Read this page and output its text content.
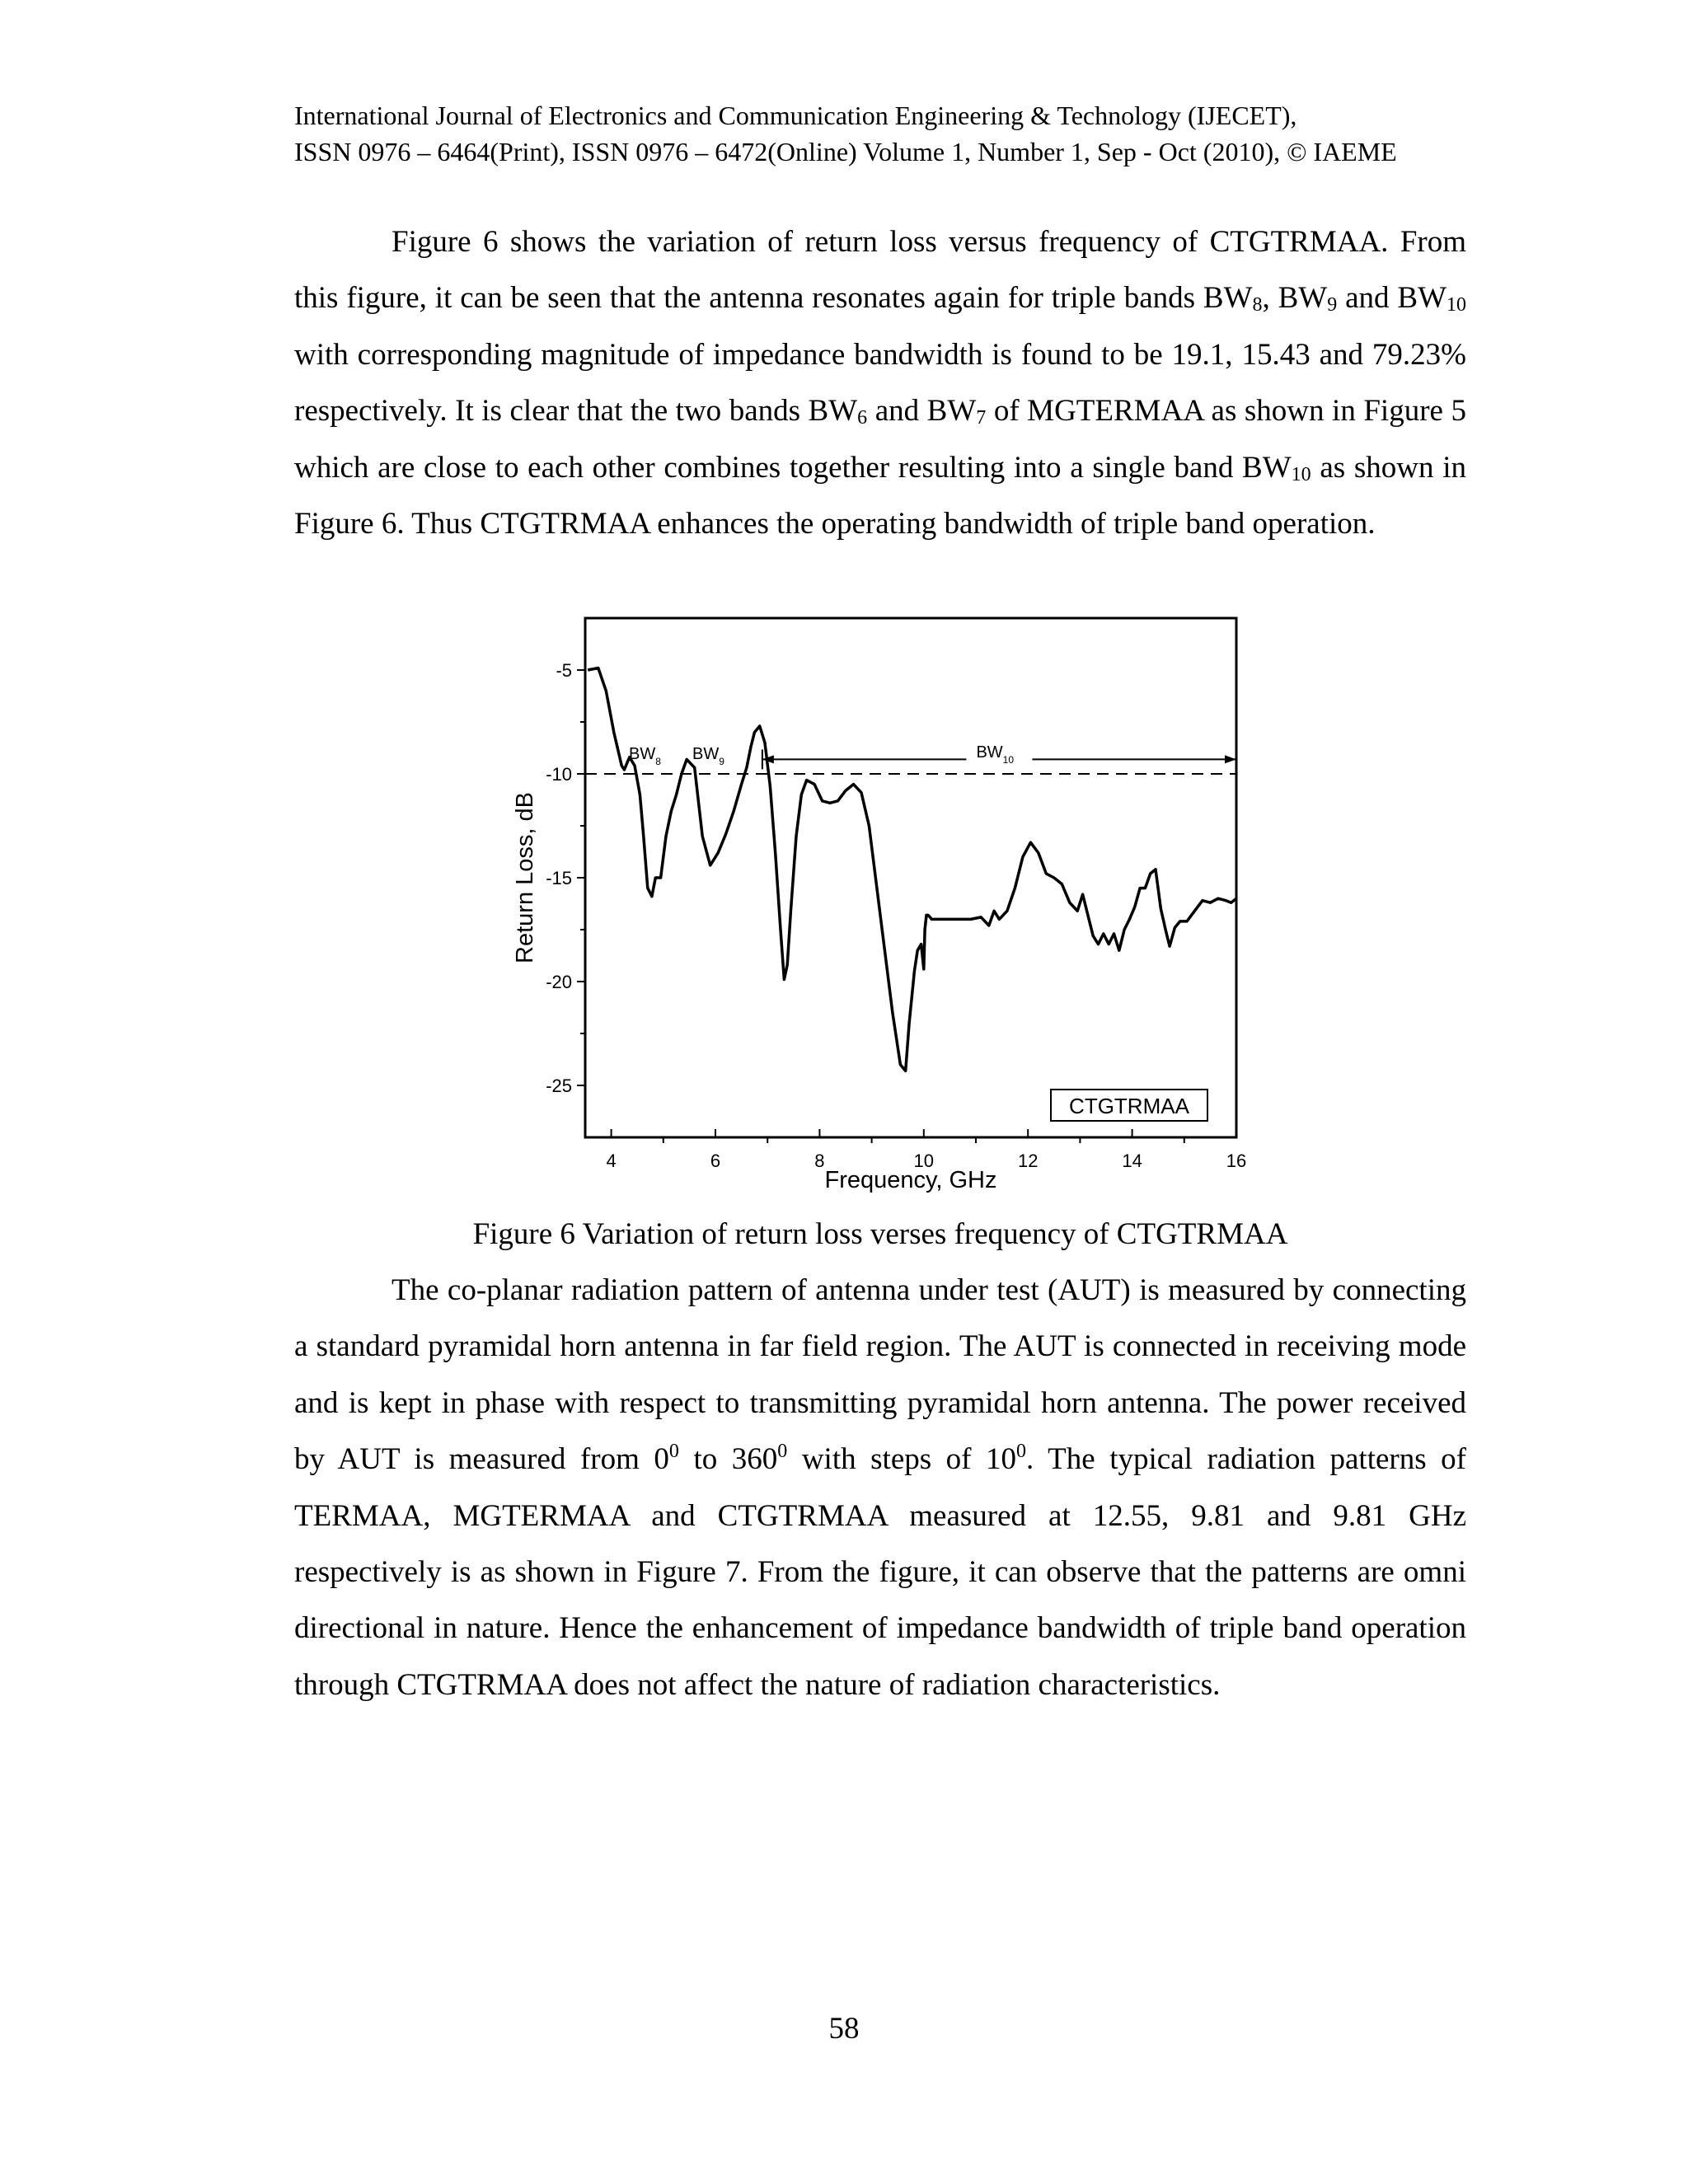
International Journal of Electronics and Communication Engineering & Technology (IJECET),
ISSN 0976 – 6464(Print), ISSN 0976 – 6472(Online) Volume 1, Number 1, Sep - Oct (2010), © IAEME

Figure 6 shows the variation of return loss versus frequency of CTGTRMAA. From this figure, it can be seen that the antenna resonates again for triple bands $BW_8$, $BW_9$ and $BW_{10}$ with corresponding magnitude of impedance bandwidth is found to be 19.1, 15.43 and 79.23% respectively. It is clear that the two bands $BW_6$ and $BW_7$ of MGTERMAA as shown in Figure 5 which are close to each other combines together resulting into a single band $BW_{10}$ as shown in Figure 6. Thus CTGTRMAA enhances the operating bandwidth of triple band operation.

4	6	8	10	12	14	16
-5
-10
-15
-20
-25
$BW_8$ $BW_9$	$BW_{10}$
CTGTRMAA
Frequency, GHz
Return Loss, dB
Figure 6 Variation of return loss verses frequency of CTGTRMAA

The co-planar radiation pattern of antenna under test (AUT) is measured by connecting a standard pyramidal horn antenna in far field region. The AUT is connected in receiving mode and is kept in phase with respect to transmitting pyramidal horn antenna. The power received by AUT is measured from $0^0$ to $360^0$ with steps of $10^0$. The typical radiation patterns of TERMAA, MGTERMAA and CTGTRMAA measured at 12.55, 9.81 and 9.81 GHz respectively is as shown in Figure 7. From the figure, it can observe that the patterns are omni directional in nature. Hence the enhancement of impedance bandwidth of triple band operation through CTGTRMAA does not affect the nature of radiation characteristics.

58
